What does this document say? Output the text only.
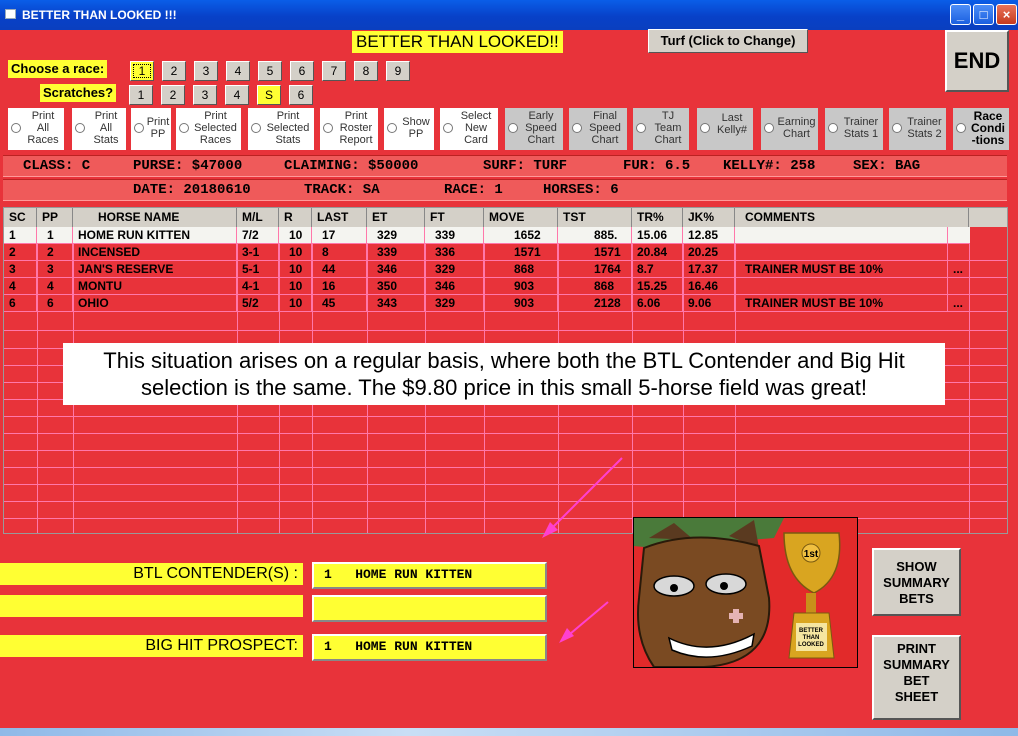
BETTER THAN LOOKED !!!	_	□	×
BETTER THAN LOOKED!!	Turf (Click to Change)
END
Choose a race:	1	2	3	4	5	6	7	8	9
Scratches?	1	2	3	4	S	6
Print
All
Races
Print
All
Stats
Print
PP
Print
Selected
Races
Print
Selected
Stats
Print
Roster
Report
Show
PP
Select
New
Card
Early
Speed
Chart
Final
Speed
Chart
TJ
Team
Chart
Last
Kelly#
Earning
Chart
Trainer
Stats 1
Trainer
Stats 2
Race
Condi
-tions
CLASS: C	PURSE: $47000	CLAIMING: $50000	SURF: TURF	FUR: 6.5 KELLY#: 258	SEX: BAG
DATE: 20180610	TRACK: SA	RACE: 1	HORSES: 6
SC	PP	HORSE NAME	M/L	R	LAST	ET	FT	MOVE	TST	TR%	JK%	COMMENTS
1	1	HOME RUN KITTEN	7/2	10	17	329	339	1652	885.	15.06	12.85
2	2	INCENSED	3-1	10	8	339	336	1571	1571	20.84	20.25
3	3	JAN'S RESERVE	5-1	10	44	346	329	868	1764	8.7	17.37	TRAINER MUST BE 10%	...
4	4	MONTU	4-1	10	16	350	346	903	868	15.25	16.46
6	6	OHIO	5/2	10	45	343	329	903	2128	6.06	9.06	TRAINER MUST BE 10%	...
This situation arises on a regular basis, where both the BTL Contender and Big Hit
selection is the same. The $9.80 price in this small 5-horse field was great!
BTL CONTENDER(S) :	1   HOME RUN KITTEN
BIG HIT PROSPECT:	1   HOME RUN KITTEN
1st
BETTER
THAN
LOOKED
SHOW
SUMMARY
BETS
PRINT
SUMMARY
BET
SHEET
